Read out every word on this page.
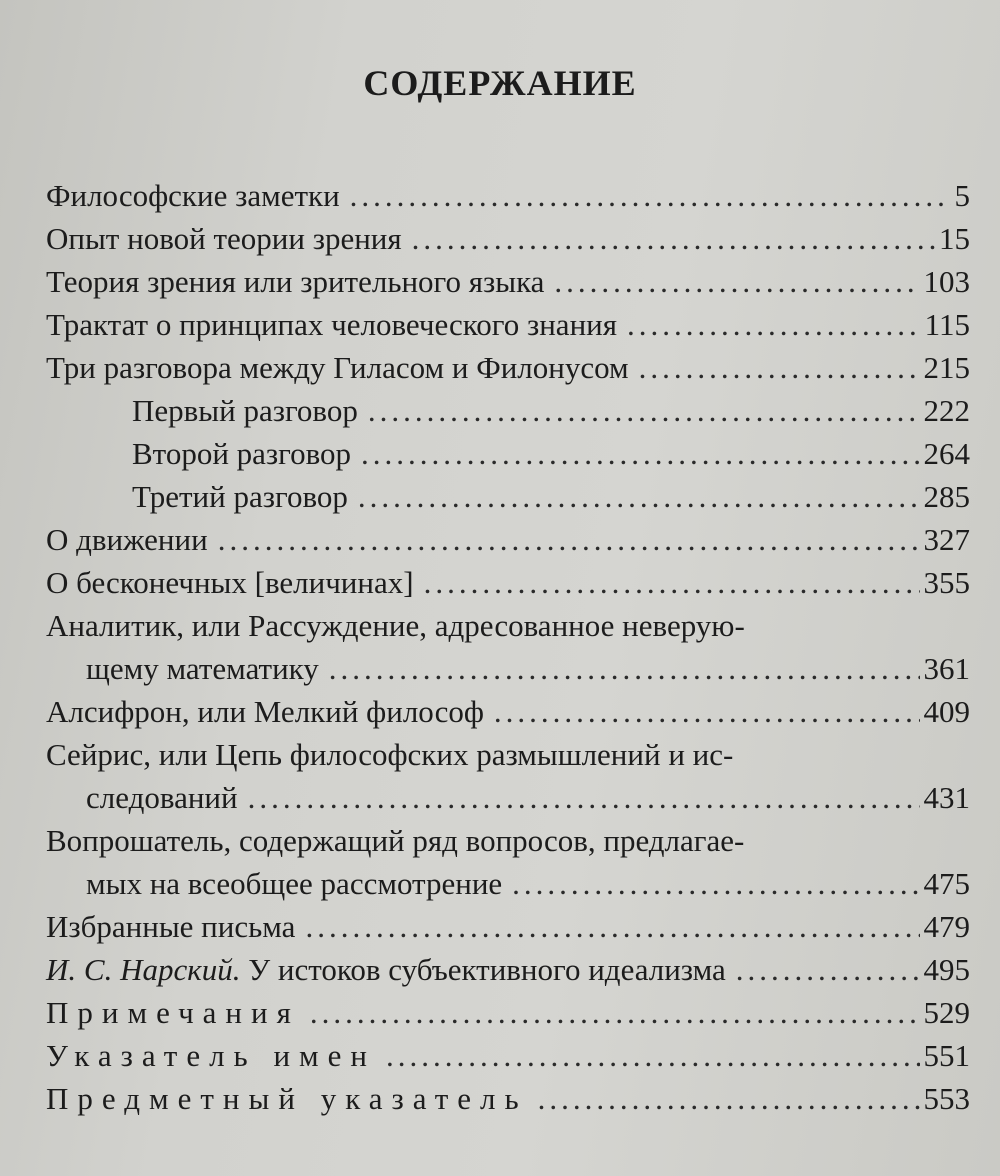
СОДЕРЖАНИЕ
Философские заметки .....	5
Опыт новой теории зрения .....	15
Теория зрения или зрительного языка .....	103
Трактат о принципах человеческого знания .....	115
Три разговора между Гиласом и Филонусом .....	215
Первый разговор .....	222
Второй разговор .....	264
Третий разговор .....	285
О движении .....	327
О бесконечных [величинах] .....	355
Аналитик, или Рассуждение, адресованное неверую-
щему математику .....	361
Алсифрон, или Мелкий философ .....	409
Сейрис, или Цепь философских размышлений и ис-
следований .....	431
Вопрошатель, содержащий ряд вопросов, предлагае-
мых на всеобщее рассмотрение .....	475
Избранные письма .....	479
И. С. Нарский. У истоков субъективного идеализма .....	495
Примечания .....	529
Указатель имен .....	551
Предметный указатель .....	553
